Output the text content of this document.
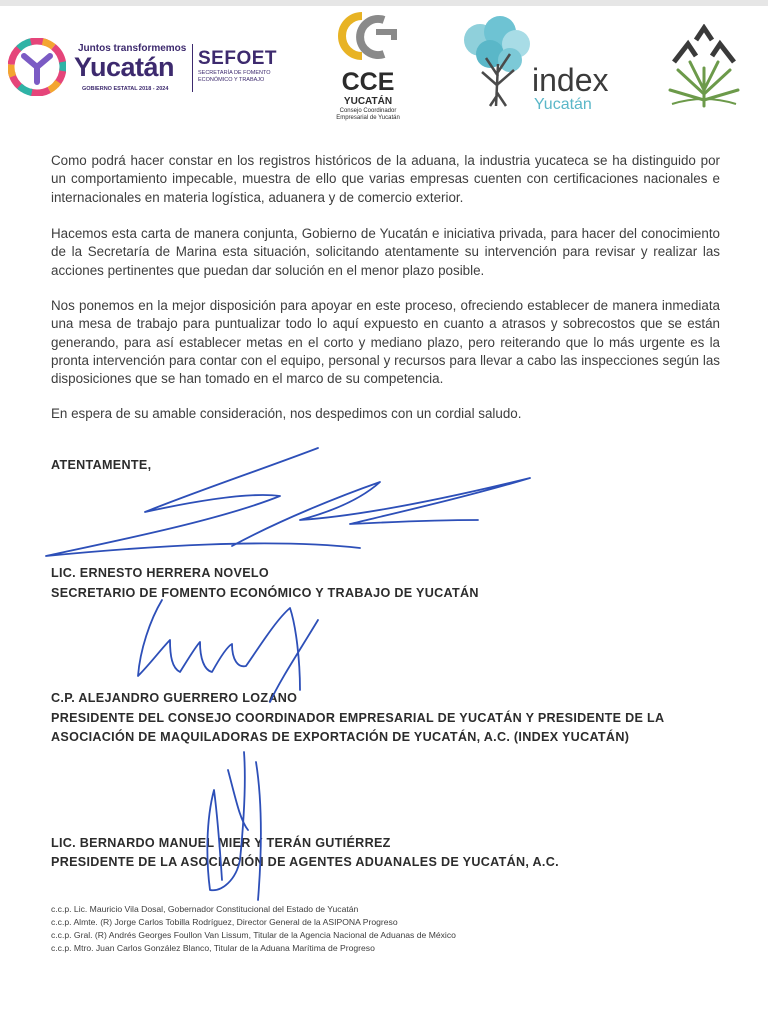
Juntos transformemos
Yucatán
GOBIERNO ESTATAL 2018 - 2024
SEFOET
SECRETARÍA DE FOMENTO ECONÓMICO Y TRABAJO	CCE
YUCATÁN
Consejo Coordinador Empresarial de Yucatán
index
Yucatán

Como podrá hacer constar en los registros históricos de la aduana, la industria yucateca se ha distinguido por un comportamiento impecable, muestra de ello que varias empresas cuenten con certificaciones nacionales e internacionales en materia logística, aduanera y de comercio exterior.

Hacemos esta carta de manera conjunta, Gobierno de Yucatán e iniciativa privada, para hacer del conocimiento de la Secretaría de Marina esta situación, solicitando atentamente su intervención para revisar y realizar las acciones pertinentes que puedan dar solución en el menor plazo posible.

Nos ponemos en la mejor disposición para apoyar en este proceso, ofreciendo establecer de manera inmediata una mesa de trabajo para puntualizar todo lo aquí expuesto en cuanto a atrasos y sobrecostos que se están generando, para así establecer metas en el corto y mediano plazo, pero reiterando que lo más urgente es la pronta intervención para contar con el equipo, personal y recursos para llevar a cabo las inspecciones según las disposiciones que se han tomado en el marco de su competencia.

En espera de su amable consideración, nos despedimos con un cordial saludo.

ATENTAMENTE,
LIC. ERNESTO HERRERA NOVELO
SECRETARIO DE FOMENTO ECONÓMICO Y TRABAJO DE YUCATÁN
C.P. ALEJANDRO GUERRERO LOZANO
PRESIDENTE DEL CONSEJO COORDINADOR EMPRESARIAL DE YUCATÁN Y PRESIDENTE DE LA
ASOCIACIÓN DE MAQUILADORAS DE EXPORTACIÓN DE YUCATÁN, A.C. (INDEX YUCATÁN)
LIC. BERNARDO MANUEL MIER Y TERÁN GUTIÉRREZ
PRESIDENTE DE LA ASOCIACIÓN DE AGENTES ADUANALES DE YUCATÁN, A.C.
c.c.p. Lic. Mauricio Vila Dosal, Gobernador Constitucional del Estado de Yucatán
c.c.p. Almte. (R) Jorge Carlos Tobilla Rodríguez, Director General de la ASIPONA Progreso
c.c.p. Gral. (R) Andrés Georges Foullon Van Lissum, Titular de la Agencia Nacional de Aduanas de México
c.c.p. Mtro. Juan Carlos González Blanco, Titular de la Aduana Marítima de Progreso
